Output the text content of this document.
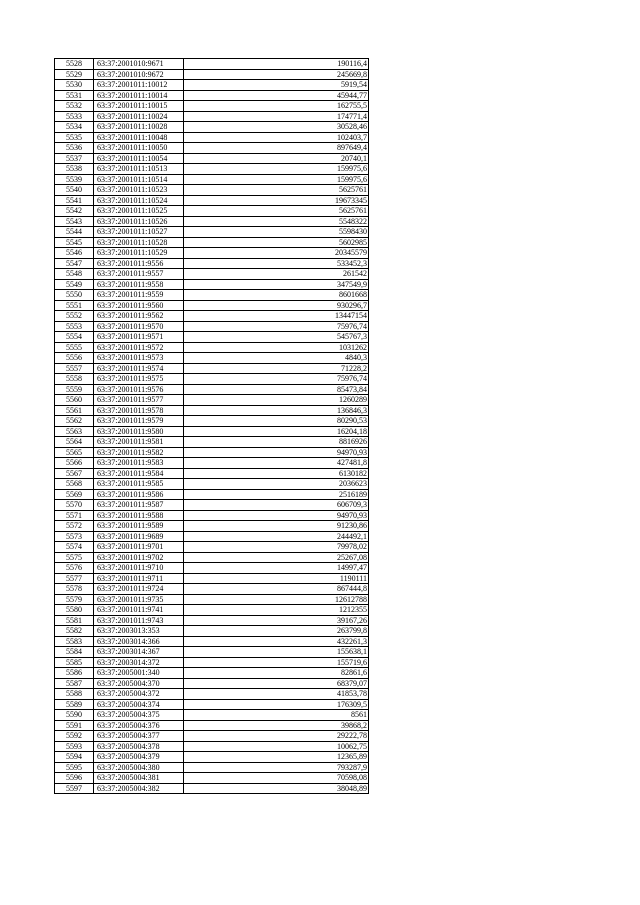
5528	63:37:2001010:9671	190116,4
5529	63:37:2001010:9672	245669,8
5530	63:37:2001011:10012	5919,54
5531	63:37:2001011:10014	45944,77
5532	63:37:2001011:10015	162755,5
5533	63:37:2001011:10024	174771,4
5534	63:37:2001011:10028	30528,46
5535	63:37:2001011:10048	102403,7
5536	63:37:2001011:10050	897649,4
5537	63:37:2001011:10054	20740,1
5538	63:37:2001011:10513	159975,6
5539	63:37:2001011:10514	159975,6
5540	63:37:2001011:10523	5625761
5541	63:37:2001011:10524	19673345
5542	63:37:2001011:10525	5625761
5543	63:37:2001011:10526	5548322
5544	63:37:2001011:10527	5598430
5545	63:37:2001011:10528	5602985
5546	63:37:2001011:10529	20345579
5547	63:37:2001011:9556	533452,3
5548	63:37:2001011:9557	261542
5549	63:37:2001011:9558	347549,9
5550	63:37:2001011:9559	8601668
5551	63:37:2001011:9560	930296,7
5552	63:37:2001011:9562	13447154
5553	63:37:2001011:9570	75976,74
5554	63:37:2001011:9571	545767,3
5555	63:37:2001011:9572	1031262
5556	63:37:2001011:9573	4840,3
5557	63:37:2001011:9574	71228,2
5558	63:37:2001011:9575	75976,74
5559	63:37:2001011:9576	85473,84
5560	63:37:2001011:9577	1260289
5561	63:37:2001011:9578	136846,3
5562	63:37:2001011:9579	80290,53
5563	63:37:2001011:9580	16204,18
5564	63:37:2001011:9581	8816926
5565	63:37:2001011:9582	94970,93
5566	63:37:2001011:9583	427481,8
5567	63:37:2001011:9584	6130182
5568	63:37:2001011:9585	2036623
5569	63:37:2001011:9586	2516189
5570	63:37:2001011:9587	606709,3
5571	63:37:2001011:9588	94970,93
5572	63:37:2001011:9589	91230,86
5573	63:37:2001011:9689	244492,1
5574	63:37:2001011:9701	79978,02
5575	63:37:2001011:9702	25267,08
5576	63:37:2001011:9710	14997,47
5577	63:37:2001011:9711	1190111
5578	63:37:2001011:9724	867444,8
5579	63:37:2001011:9735	12612788
5580	63:37:2001011:9741	1212355
5581	63:37:2001011:9743	39167,26
5582	63:37:2003013:353	263799,8
5583	63:37:2003014:366	432261,3
5584	63:37:2003014:367	155638,1
5585	63:37:2003014:372	155719,6
5586	63:37:2005001:340	82861,6
5587	63:37:2005004:370	68379,07
5588	63:37:2005004:372	41853,78
5589	63:37:2005004:374	176309,5
5590	63:37:2005004:375	8561
5591	63:37:2005004:376	39868,2
5592	63:37:2005004:377	29222,78
5593	63:37:2005004:378	10062,75
5594	63:37:2005004:379	12365,89
5595	63:37:2005004:380	793287,9
5596	63:37:2005004:381	70598,08
5597	63:37:2005004:382	38048,89
